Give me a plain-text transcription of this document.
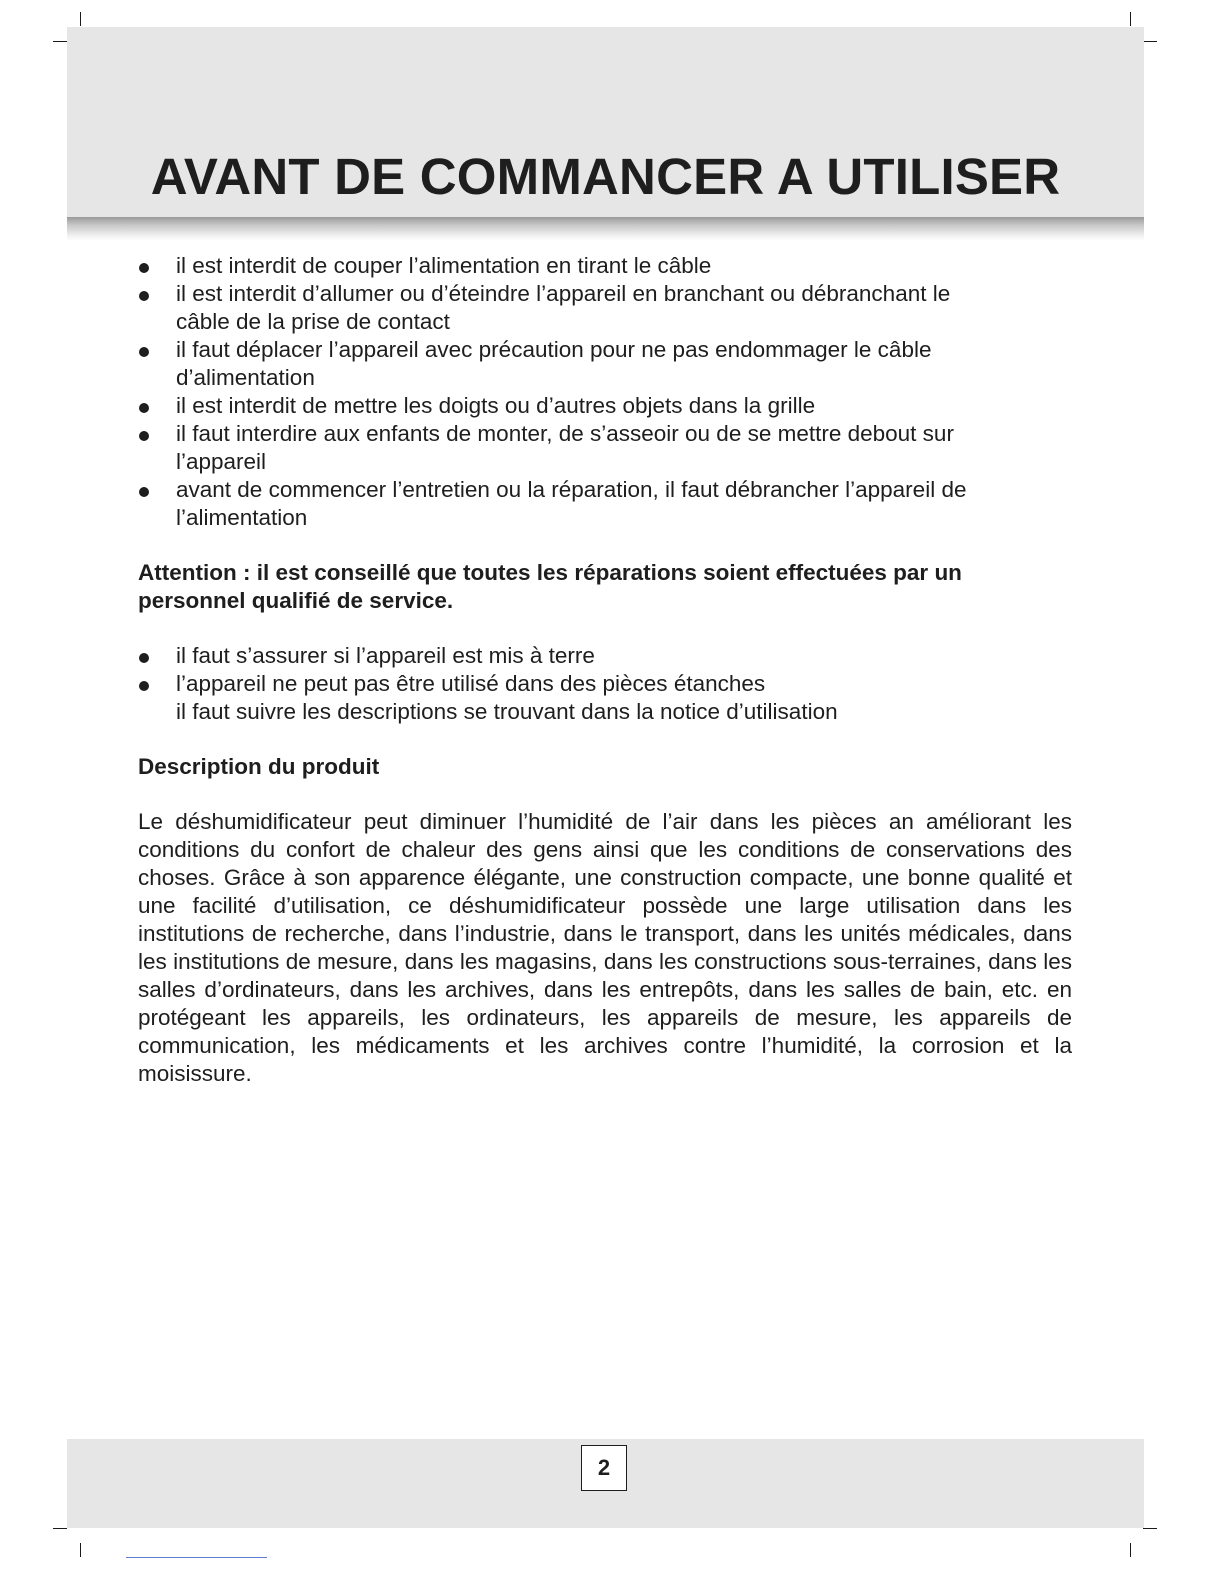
AVANT DE COMMANCER A UTILISER
il est interdit de couper l’alimentation en tirant le câble
il est interdit d’allumer ou d’éteindre l’appareil en branchant ou débranchant le
câble de la prise de contact
il faut déplacer l’appareil avec précaution pour ne pas endommager le câble
d’alimentation
il est interdit de mettre les doigts ou d’autres objets dans la grille
il faut interdire aux enfants de monter, de s’asseoir ou de se mettre debout sur
l’appareil
avant de commencer l’entretien ou la réparation, il faut débrancher l’appareil de
l’alimentation

Attention : il est conseillé que toutes les réparations soient effectuées par un
personnel qualifié de service.

il faut s’assurer si l’appareil est mis à terre
l’appareil ne peut pas être utilisé dans des pièces étanches
il faut suivre les descriptions se trouvant dans la notice d’utilisation
Description du produit

Le déshumidificateur peut diminuer l’humidité de l’air dans les pièces an améliorant les conditions du confort de chaleur des gens ainsi que les conditions de conservations des choses. Grâce à son apparence élégante, une construction compacte, une bonne qualité et une facilité d’utilisation, ce déshumidificateur possède une large utilisation dans les institutions de recherche, dans l’industrie, dans le transport, dans les unités médicales, dans les institutions de mesure, dans les magasins, dans les constructions sous-terraines, dans les salles d’ordinateurs, dans les archives, dans les entrepôts, dans les salles de bain, etc. en protégeant les appareils, les ordinateurs, les appareils de mesure, les appareils de communication, les médicaments et les archives contre l’humidité, la corrosion et la moisissure.

2
